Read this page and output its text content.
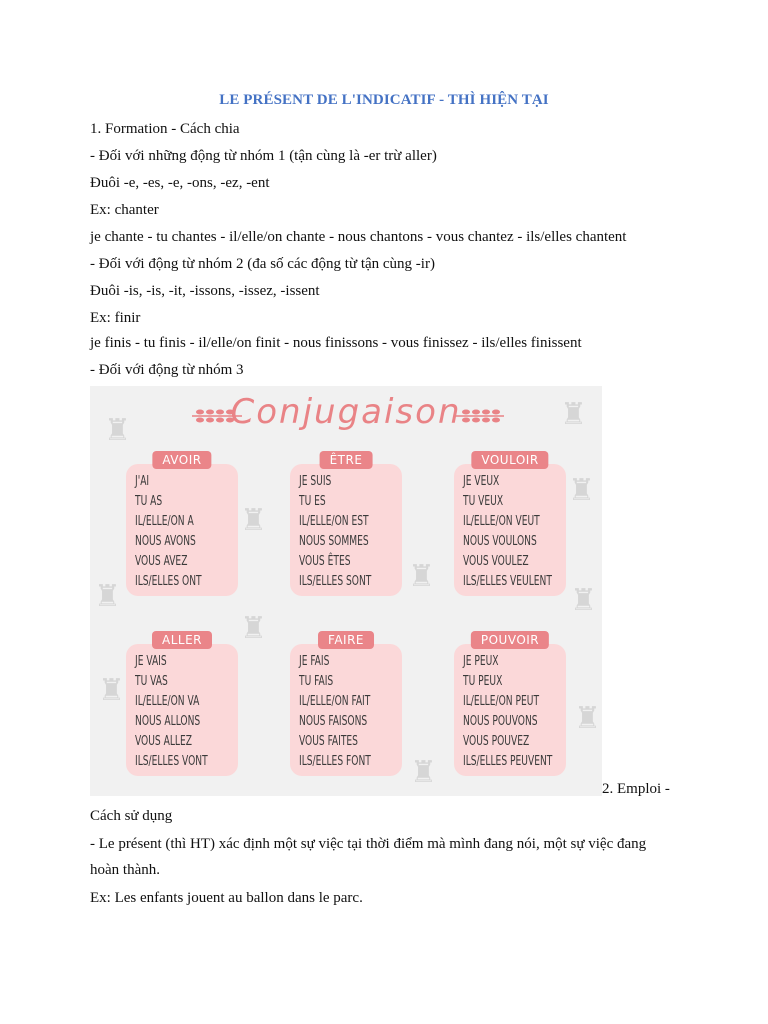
LE PRÉSENT DE L'INDICATIF - THÌ HIỆN TẠI
1. Formation - Cách chia
- Đối với những động từ nhóm 1 (tận cùng là -er trừ aller)
Đuôi -e, -es, -e, -ons, -ez, -ent
Ex: chanter
je chante - tu chantes - il/elle/on chante - nous chantons - vous chantez - ils/elles chantent
- Đối với động từ nhóm 2 (đa số các động từ tận cùng -ir)
Đuôi -is, -is, -it, -issons, -issez, -issent
Ex: finir
je finis - tu finis - il/elle/on finit - nous finissons - vous finissez - ils/elles finissent
- Đối với động từ nhóm 3
♜	♜
♜
♜
♜
♜
♜
♜
♜
♜
♜
Conjugaison
AVOIR
J'AI
TU AS
IL/ELLE/ON A
NOUS AVONS
VOUS AVEZ
ILS/ELLES ONT
ÊTRE
JE SUIS
TU ES
IL/ELLE/ON EST
NOUS SOMMES
VOUS ÊTES
ILS/ELLES SONT
VOULOIR
JE VEUX
TU VEUX
IL/ELLE/ON VEUT
NOUS VOULONS
VOUS VOULEZ
ILS/ELLES VEULENT
ALLER
JE VAIS
TU VAS
IL/ELLE/ON VA
NOUS ALLONS
VOUS ALLEZ
ILS/ELLES VONT
FAIRE
JE FAIS
TU FAIS
IL/ELLE/ON FAIT
NOUS FAISONS
VOUS FAITES
ILS/ELLES FONT
POUVOIR
JE PEUX
TU PEUX
IL/ELLE/ON PEUT
NOUS POUVONS
VOUS POUVEZ
ILS/ELLES PEUVENT
2. Emploi -
Cách sử dụng
- Le présent (thì HT) xác định một sự việc tại thời điểm mà mình đang nói, một sự việc đang
hoàn thành.
Ex: Les enfants jouent au ballon dans le parc.
